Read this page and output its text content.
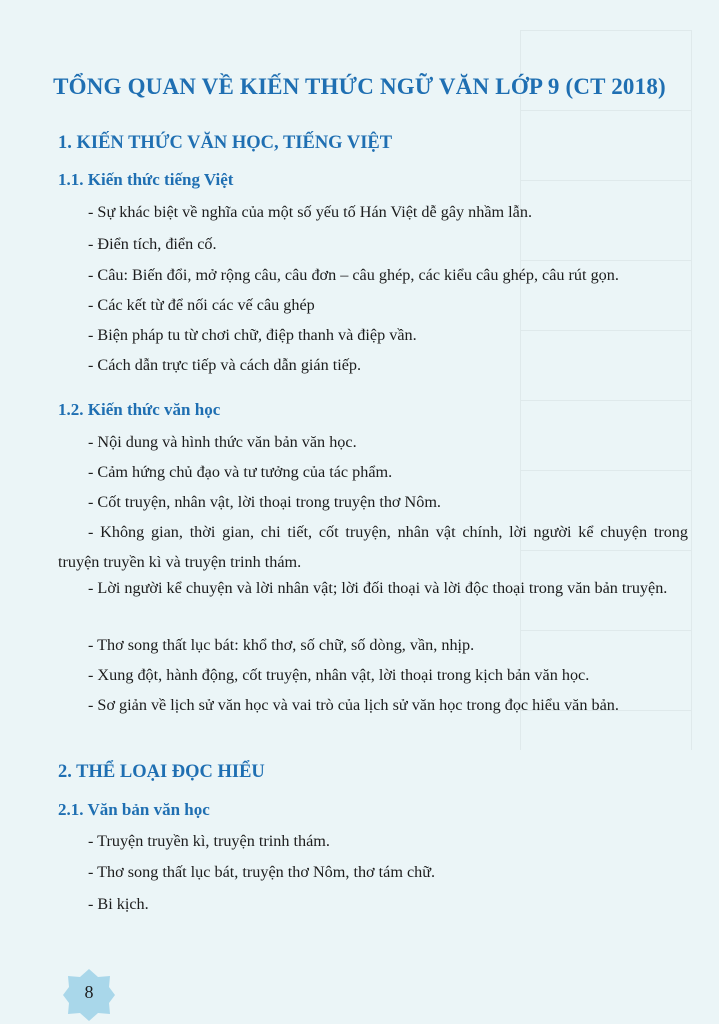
TỔNG QUAN VỀ KIẾN THỨC NGỮ VĂN LỚP 9 (CT 2018)
1. KIẾN THỨC VĂN HỌC, TIẾNG VIỆT
1.1. Kiến thức tiếng Việt
- Sự khác biệt về nghĩa của một số yếu tố Hán Việt dễ gây nhầm lẫn.
- Điển tích, điển cố.
- Câu: Biến đổi, mở rộng câu, câu đơn – câu ghép, các kiểu câu ghép, câu rút gọn.
- Các kết từ để nối các vế câu ghép
- Biện pháp tu từ chơi chữ, điệp thanh và điệp vần.
- Cách dẫn trực tiếp và cách dẫn gián tiếp.
1.2. Kiến thức văn học
- Nội dung và hình thức văn bản văn học.
- Cảm hứng chủ đạo và tư tưởng của tác phẩm.
- Cốt truyện, nhân vật, lời thoại trong truyện thơ Nôm.
- Không gian, thời gian, chi tiết, cốt truyện, nhân vật chính, lời người kể chuyện trong truyện truyền kì và truyện trinh thám.
- Lời người kể chuyện và lời nhân vật; lời đối thoại và lời độc thoại trong văn bản truyện.
- Thơ song thất lục bát: khổ thơ, số chữ, số dòng, vần, nhịp.
- Xung đột, hành động, cốt truyện, nhân vật, lời thoại trong kịch bản văn học.
- Sơ giản về lịch sử văn học và vai trò của lịch sử văn học trong đọc hiểu văn bản.
2. THỂ LOẠI ĐỌC HIỂU
2.1. Văn bản văn học
- Truyện truyền kì, truyện trinh thám.
- Thơ song thất lục bát, truyện thơ Nôm, thơ tám chữ.
- Bi kịch.
8
